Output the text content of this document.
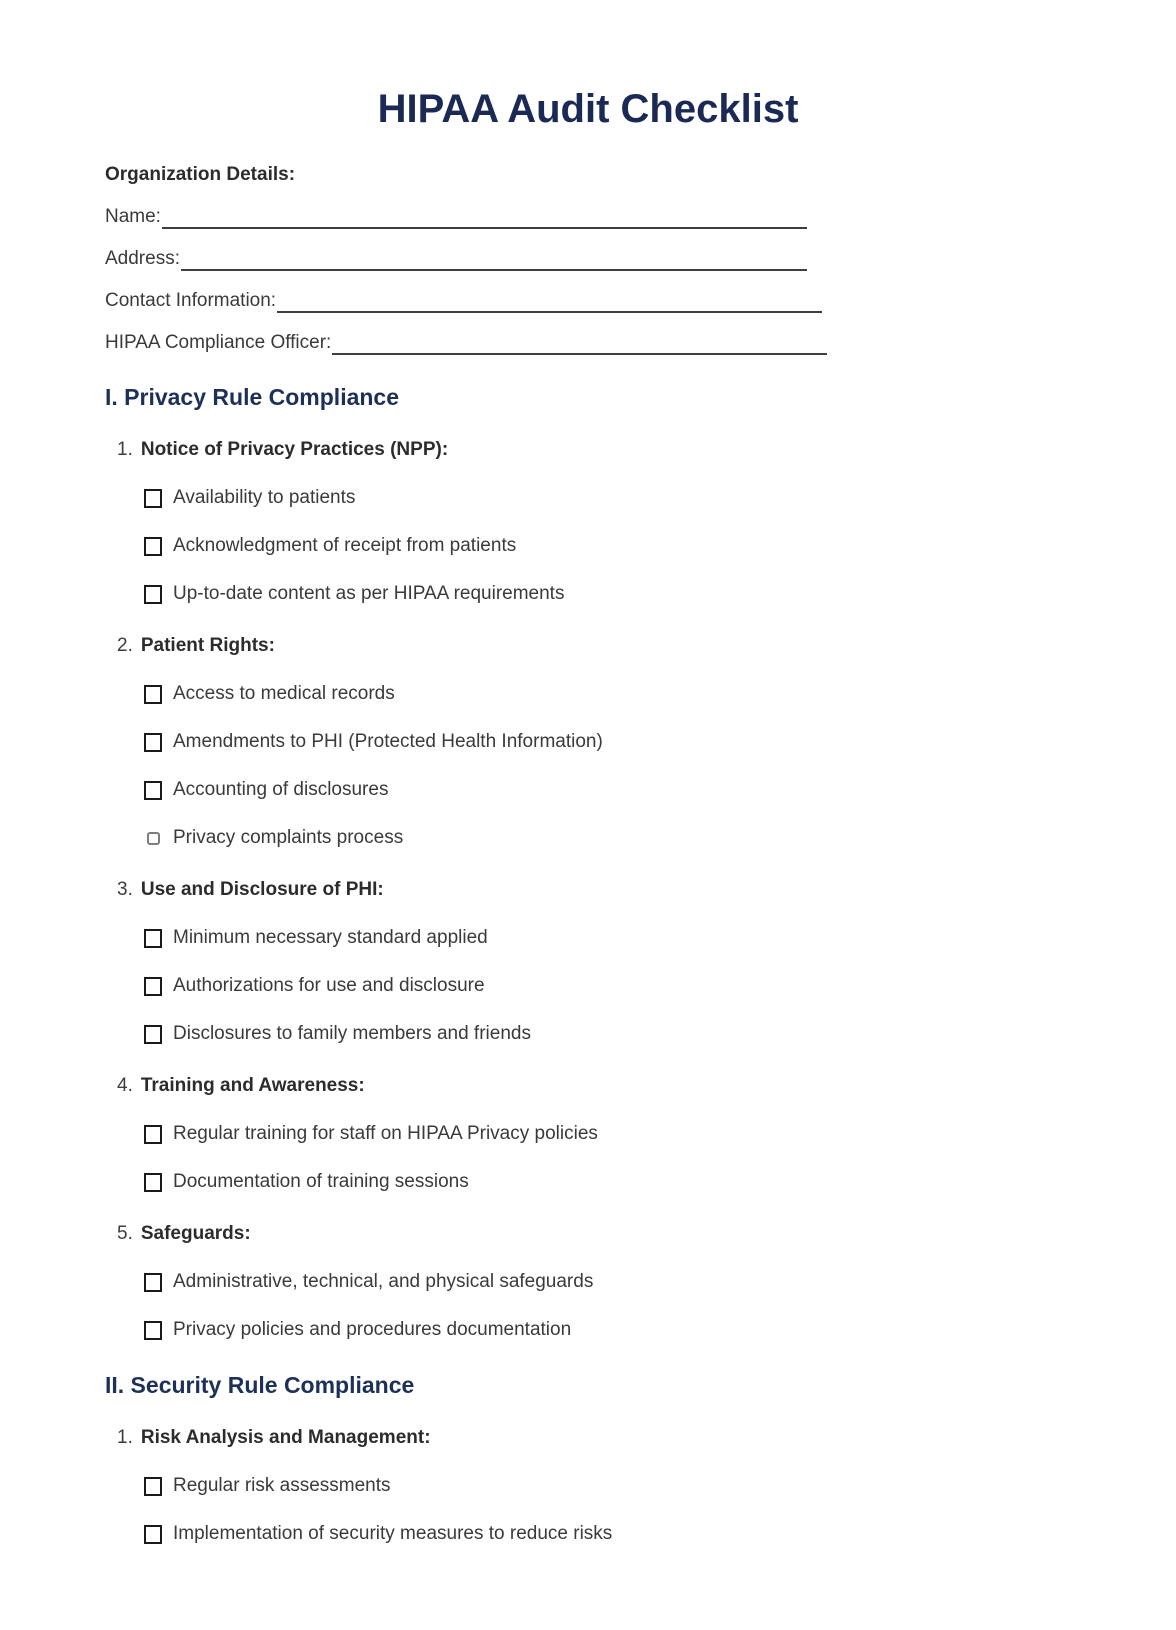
HIPAA Audit Checklist
Organization Details:
Name:
Address:
Contact Information:
HIPAA Compliance Officer:
I. Privacy Rule Compliance
1. Notice of Privacy Practices (NPP):
Availability to patients
Acknowledgment of receipt from patients
Up-to-date content as per HIPAA requirements
2. Patient Rights:
Access to medical records
Amendments to PHI (Protected Health Information)
Accounting of disclosures
Privacy complaints process
3. Use and Disclosure of PHI:
Minimum necessary standard applied
Authorizations for use and disclosure
Disclosures to family members and friends
4. Training and Awareness:
Regular training for staff on HIPAA Privacy policies
Documentation of training sessions
5. Safeguards:
Administrative, technical, and physical safeguards
Privacy policies and procedures documentation
II. Security Rule Compliance
1. Risk Analysis and Management:
Regular risk assessments
Implementation of security measures to reduce risks
